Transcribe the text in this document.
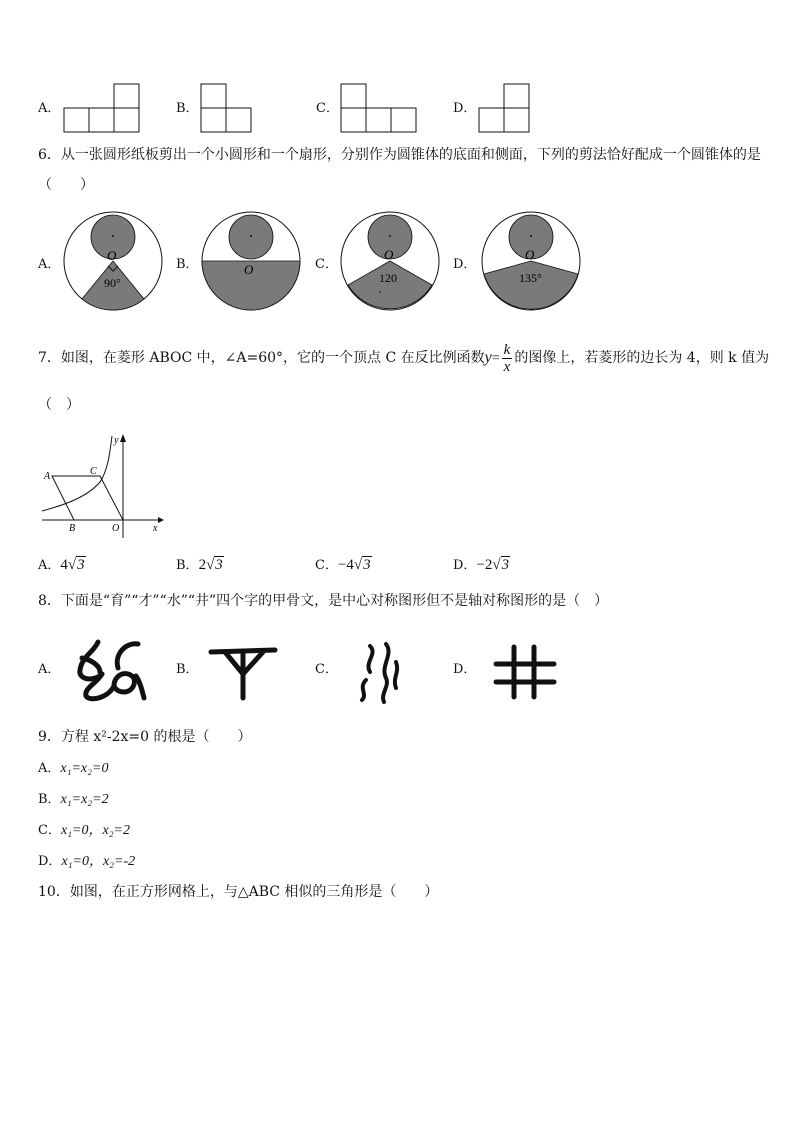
A．	B．	C．	D．
6．从一张圆形纸板剪出一个小圆形和一个扇形，分别作为圆锥体的底面和侧面，下列的剪法恰好配成一个圆锥体的是
（　　）
A．
O
90°
B．	O	C．
O
120
D．
O
135°
7．如图，在菱形 ABOC 中，∠A=60°，它的一个顶点 C 在反比例函数$y= \frac{k}{x}$ 的图像上，若菱形的边长为 4，则 k 值为
（　）
A
B
C
O	x
y
A．4√3	B．2√3	C．−4√3	D．−2√3
8．下面是“育”“才”“水”“井”四个字的甲骨文，是中心对称图形但不是轴对称图形的是（　）
A．	B．	C．	D．
9．方程 x²-2x=0 的根是（　　）
A．x₁=x₂=0
B．x₁=x₂=2
C．x₁=0，x₂=2
D．x₁=0，x₂=-2
10．如图，在正方形网格上，与△ABC 相似的三角形是（　　）
